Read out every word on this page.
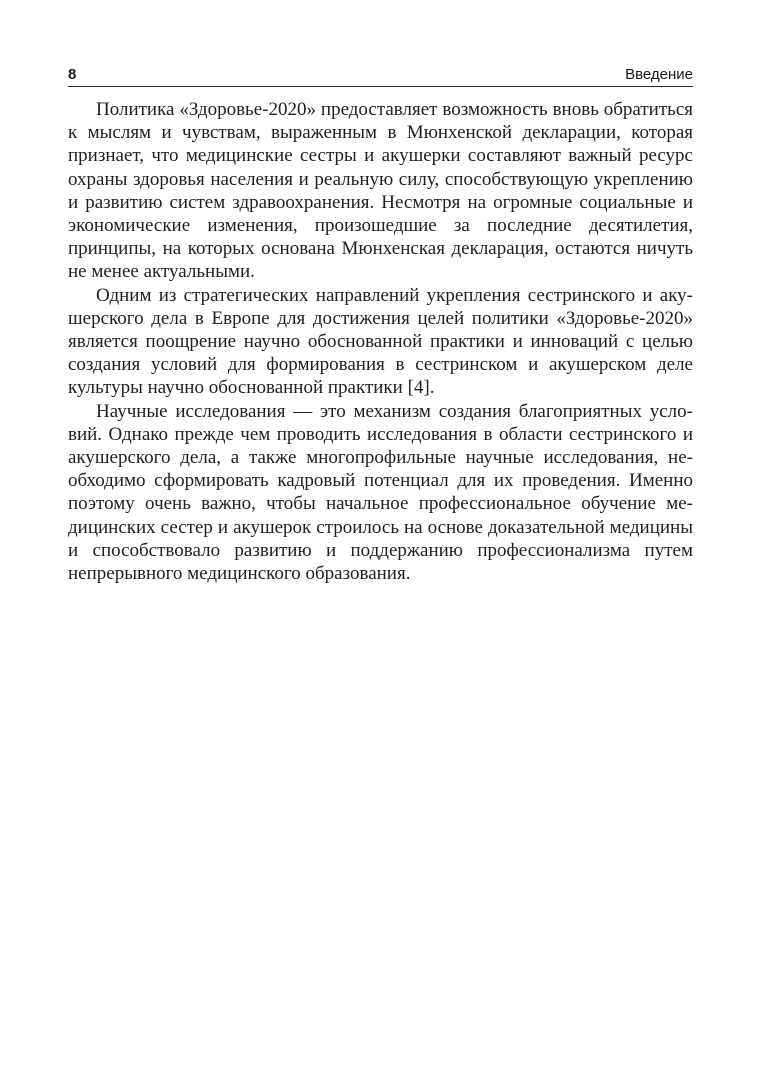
8	Введение

Политика «Здоровье-2020» предоставляет возможность вновь обратиться к мыслям и чувствам, выраженным в Мюнхенской декларации, которая признает, что медицинские сестры и акушерки составляют важный ресурс охраны здоровья населения и реальную силу, способствующую укреплению и развитию систем здравоохранения. Несмотря на огромные социальные и экономические изменения, произошедшие за последние десятилетия, принципы, на которых основана Мюнхенская декларация, остаются ничуть не менее актуальными.

Одним из стратегических направлений укрепления сестринского и акушерского дела в Европе для достижения целей политики «Здоровье-2020» является поощрение научно обоснованной практики и инноваций с целью создания условий для формирования в сестринском и акушерском деле культуры научно обоснованной практики [4].

Научные исследования — это механизм создания благоприятных условий. Однако прежде чем проводить исследования в области сестринского и акушерского дела, а также многопрофильные научные исследования, необходимо сформировать кадровый потенциал для их проведения. Именно поэтому очень важно, чтобы начальное профессиональное обучение медицинских сестер и акушерок строилось на основе доказательной медицины и способствовало развитию и поддержанию профессионализма путем непрерывного медицинского образования.
